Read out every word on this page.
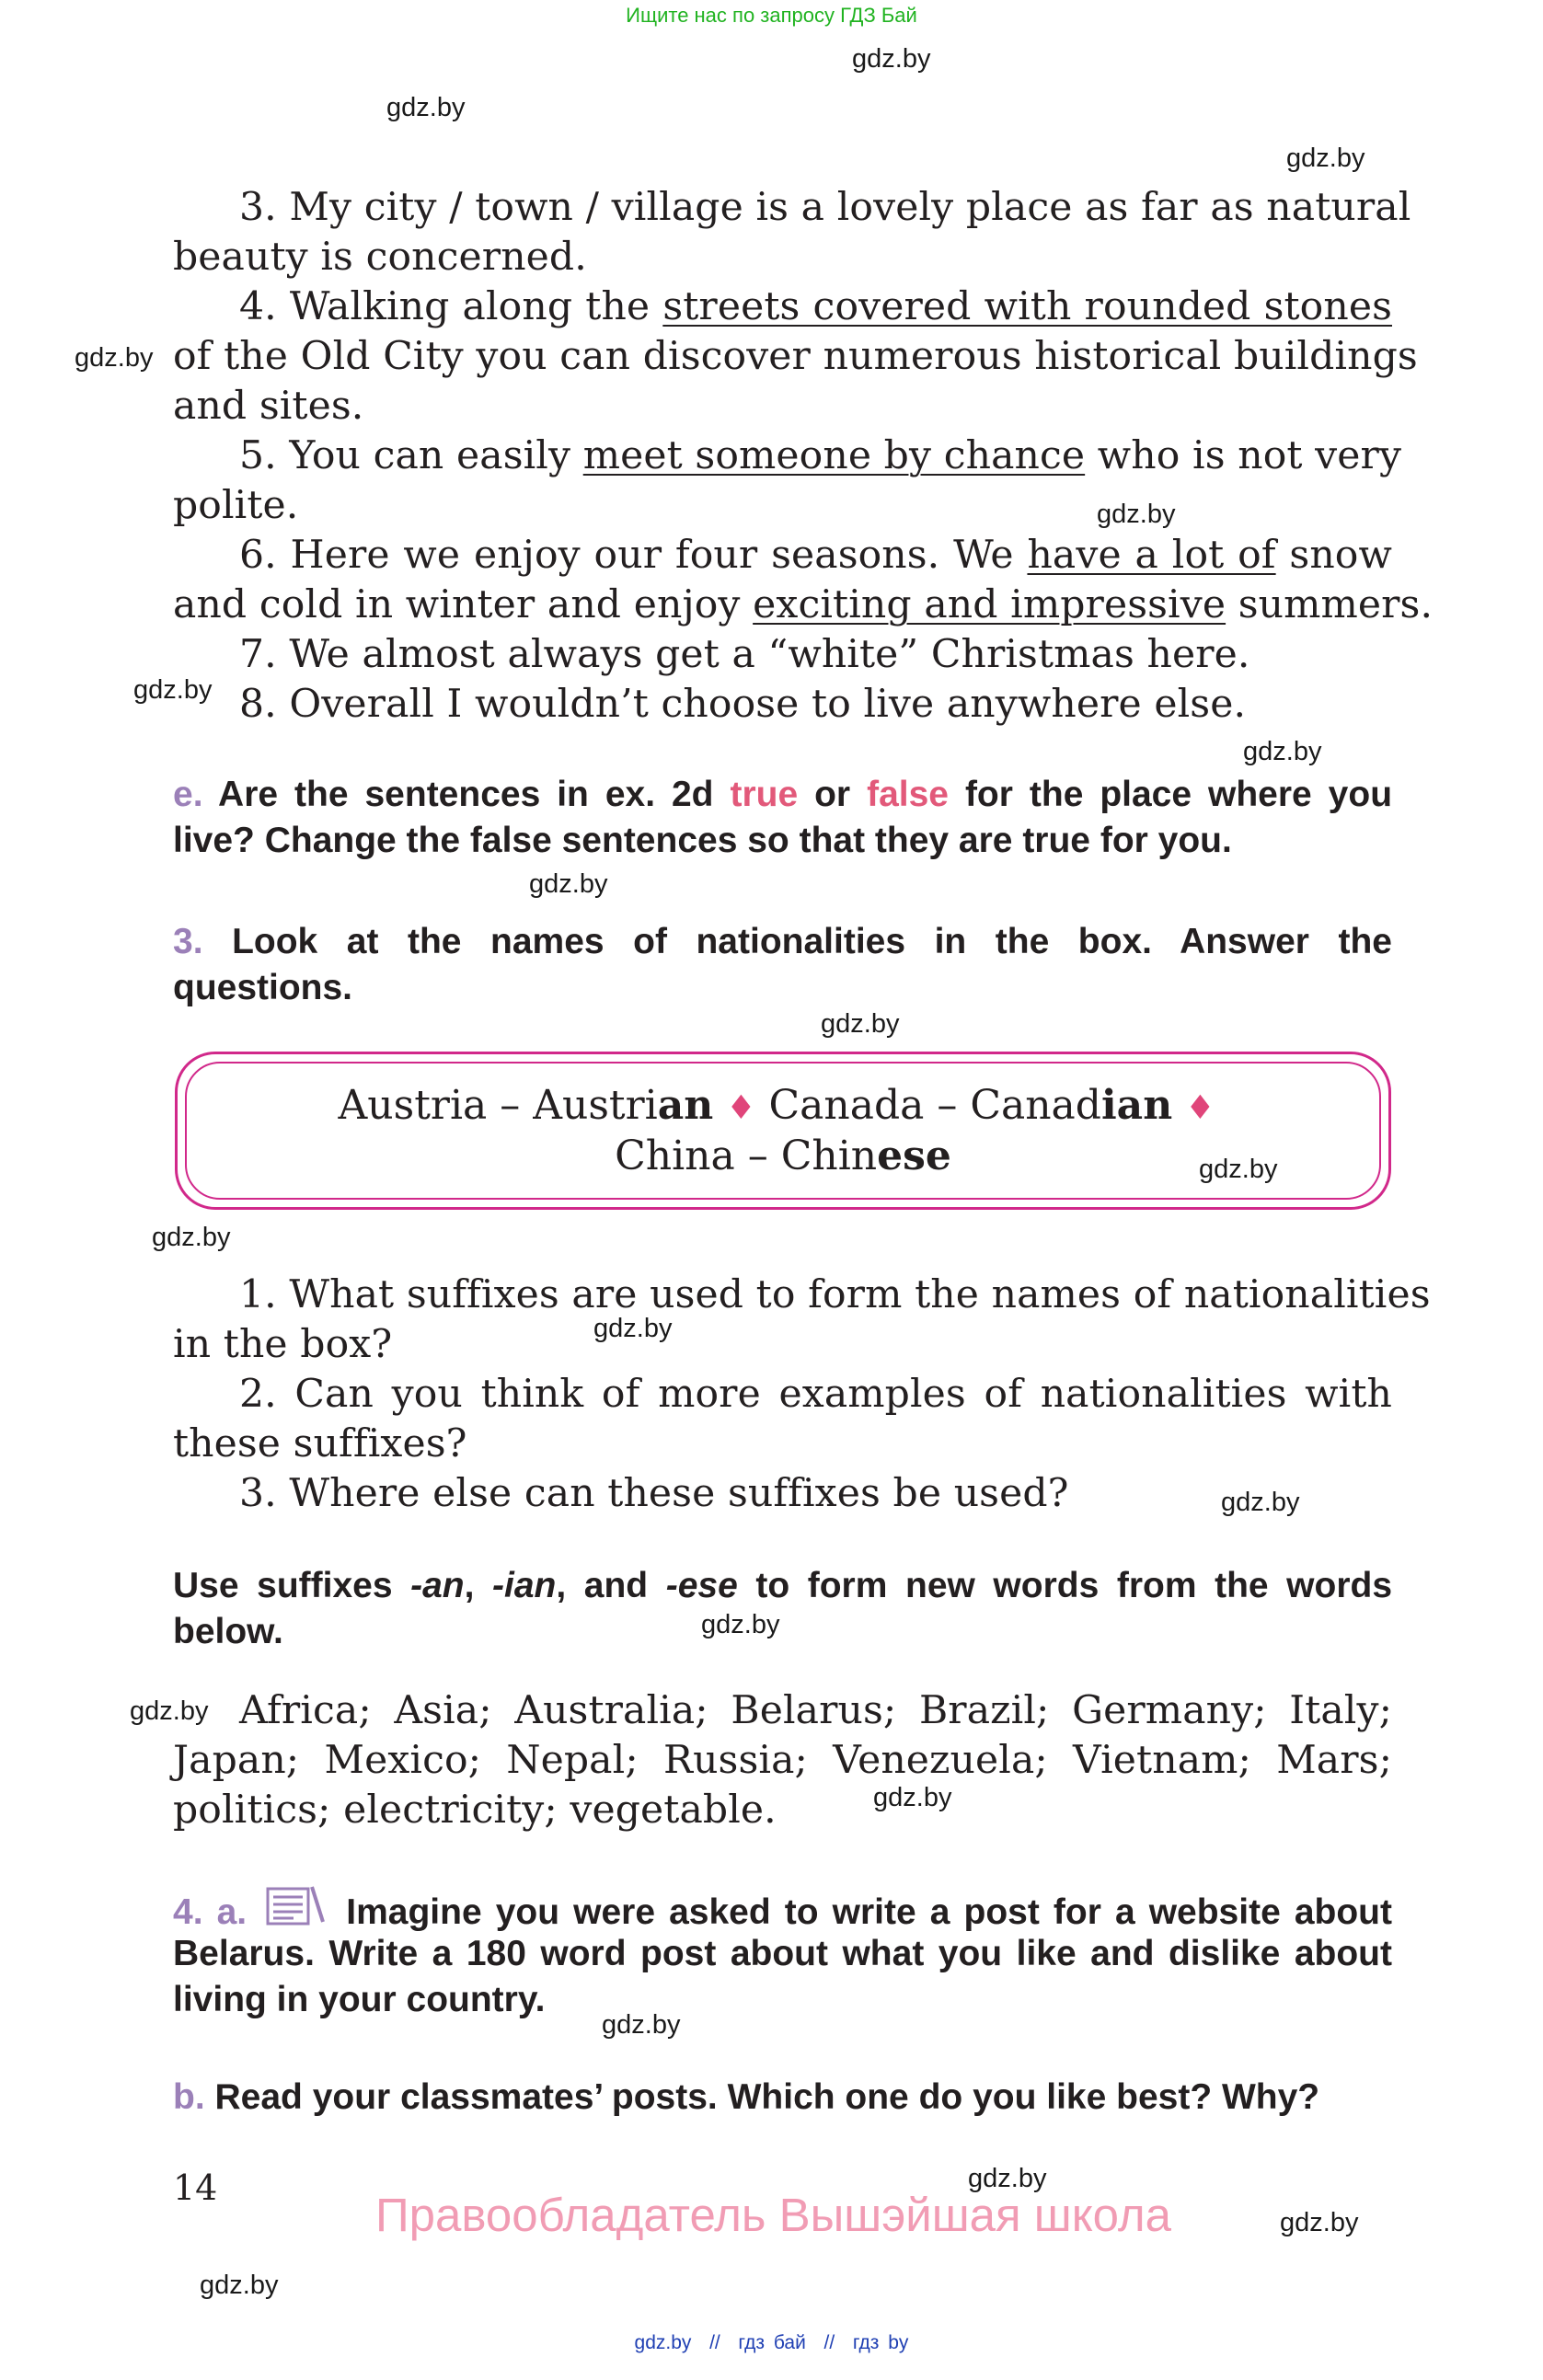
Ищите нас по запросу ГДЗ Бай
gdz.by
gdz.by
gdz.by
gdz.by
gdz.by
gdz.by
gdz.by
gdz.by
gdz.by
gdz.by
gdz.by
gdz.by
gdz.by
gdz.by
gdz.by
gdz.by
gdz.by
gdz.by
gdz.by
gdz.by
3. My city / town / village is a lovely place as far as natural
beauty is concerned.
4. Walking along the streets covered with rounded stones
of the Old City you can discover numerous historical buildings
and sites.
5. You can easily meet someone by chance who is not very
polite.
6. Here we enjoy our four seasons. We have a lot of snow
and cold in winter and enjoy exciting and impressive summers.
7. We almost always get a “white” Christmas here.
8. Overall I wouldn’t choose to live anywhere else.
e. Are the sentences in ex. 2d true or false for the place where you
live? Change the false sentences so that they are true for you.
3. Look at the names of nationalities in the box. Answer the
questions.
Austria – Austrian ♦ Canada – Canadian ♦
China – Chinese
1. What suffixes are used to form the names of nationalities
in the box?
2. Can you think of more examples of nationalities with
these suffixes?
3. Where else can these suffixes be used?
Use suffixes -an, -ian, and -ese to form new words from the words
below.
Africa; Asia; Australia; Belarus; Brazil; Germany; Italy;
Japan; Mexico; Nepal; Russia; Venezuela; Vietnam; Mars;
politics; electricity; vegetable.
4. a.	Imagine you were asked to write a post for a website about
Belarus. Write a 180 word post about what you like and dislike about
living in your country.
b. Read your classmates’ posts. Which one do you like best? Why?
14
Правообладатель Вышэйшая школа
gdz.by  //  гдз бай  //  гдз by
